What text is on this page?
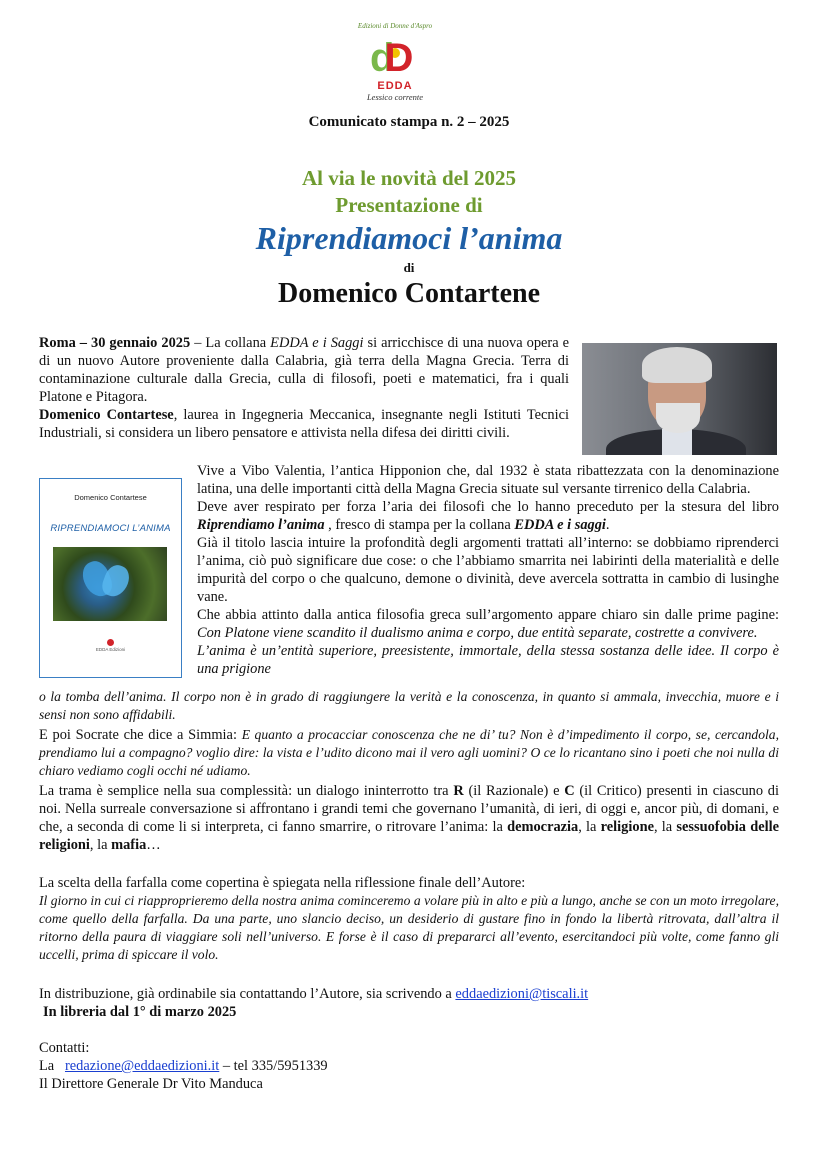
Edizioni di Donne d'Aspro
dD
EDDA
Lessico corrente
Comunicato stampa n. 2 – 2025
Al via le novità del 2025
Presentazione di
Riprendiamoci l’anima
di
Domenico Contartene
Roma – 30 gennaio 2025 – La collana EDDA e i Saggi si arricchisce di una nuova opera e di un nuovo Autore proveniente dalla Calabria, già terra della Magna Grecia. Terra di contaminazione culturale dalla Grecia, culla di filosofi, poeti e matematici, fra i quali Platone e Pitagora.
Domenico Contartese, laurea in Ingegneria Meccanica, insegnante negli Istituti Tecnici Industriali, si considera un libero pensatore e attivista nella difesa dei diritti civili.
Domenico Contartese
RIPRENDIAMOCI L’ANIMA
EDDA Edizioni
Vive a Vibo Valentia, l’antica Hipponion che, dal 1932 è stata ribattezzata con la denominazione latina, una delle importanti città della Magna Grecia situate sul versante tirrenico della Calabria.
Deve aver respirato per forza l’aria dei filosofi che lo hanno preceduto per la stesura del libro Riprendiamo l’anima , fresco di stampa per la collana EDDA e i saggi.
Già il titolo lascia intuire la profondità degli argomenti trattati all’interno: se dobbiamo riprenderci l’anima, ciò può significare due cose: o che l’abbiamo smarrita nei labirinti della materialità e delle impurità del corpo o che qualcuno, demone o divinità, deve avercela sottratta in cambio di lusinghe vane.
Che abbia attinto dalla antica filosofia greca sull’argomento appare chiaro sin dalle prime pagine: Con Platone viene scandito il dualismo anima e corpo, due entità separate, costrette a convivere.
L’anima è un’entità superiore, preesistente, immortale, della stessa sostanza delle idee. Il corpo è una prigione
o la tomba dell’anima. Il corpo non è in grado di raggiungere la verità e la conoscenza, in quanto si ammala, invecchia, muore e i sensi non sono affidabili.
E poi Socrate che dice a Simmia: E quanto a procacciar conoscenza che ne di’ tu? Non è d’impedimento il corpo, se, cercandola, prendiamo lui a compagno? voglio dire: la vista e l’udito dicono mai il vero agli uomini? O ce lo ricantano sino i poeti che noi nulla di chiaro vediamo cogli occhi né udiamo.
La trama è semplice nella sua complessità: un dialogo ininterrotto tra R (il Razionale) e C (il Critico) presenti in ciascuno di noi. Nella surreale conversazione si affrontano i grandi temi che governano l’umanità, di ieri, di oggi e, ancor più, di domani, e che, a seconda di come li si interpreta, ci fanno smarrire, o ritrovare l’anima: la democrazia, la religione, la sessuofobia delle religioni, la mafia…
La scelta della farfalla come copertina è spiegata nella riflessione finale dell’Autore:
Il giorno in cui ci riapproprieremo della nostra anima cominceremo a volare più in alto e più a lungo, anche se con un moto irregolare, come quello della farfalla. Da una parte, uno slancio deciso, un desiderio di gustare fino in fondo la libertà ritrovata, dall’altra il ritorno della paura di viaggiare soli nell’universo. E forse è il caso di prepararci all’evento, esercitandoci più volte, come fanno gli uccelli, prima di spiccare il volo.
In distribuzione, già ordinabile sia contattando l’Autore, sia scrivendo a eddaedizioni@tiscali.it
In libreria dal 1° di marzo 2025
Contatti:
La redazione@eddaedizioni.it – tel 335/5951339
Il Direttore Generale Dr Vito Manduca
